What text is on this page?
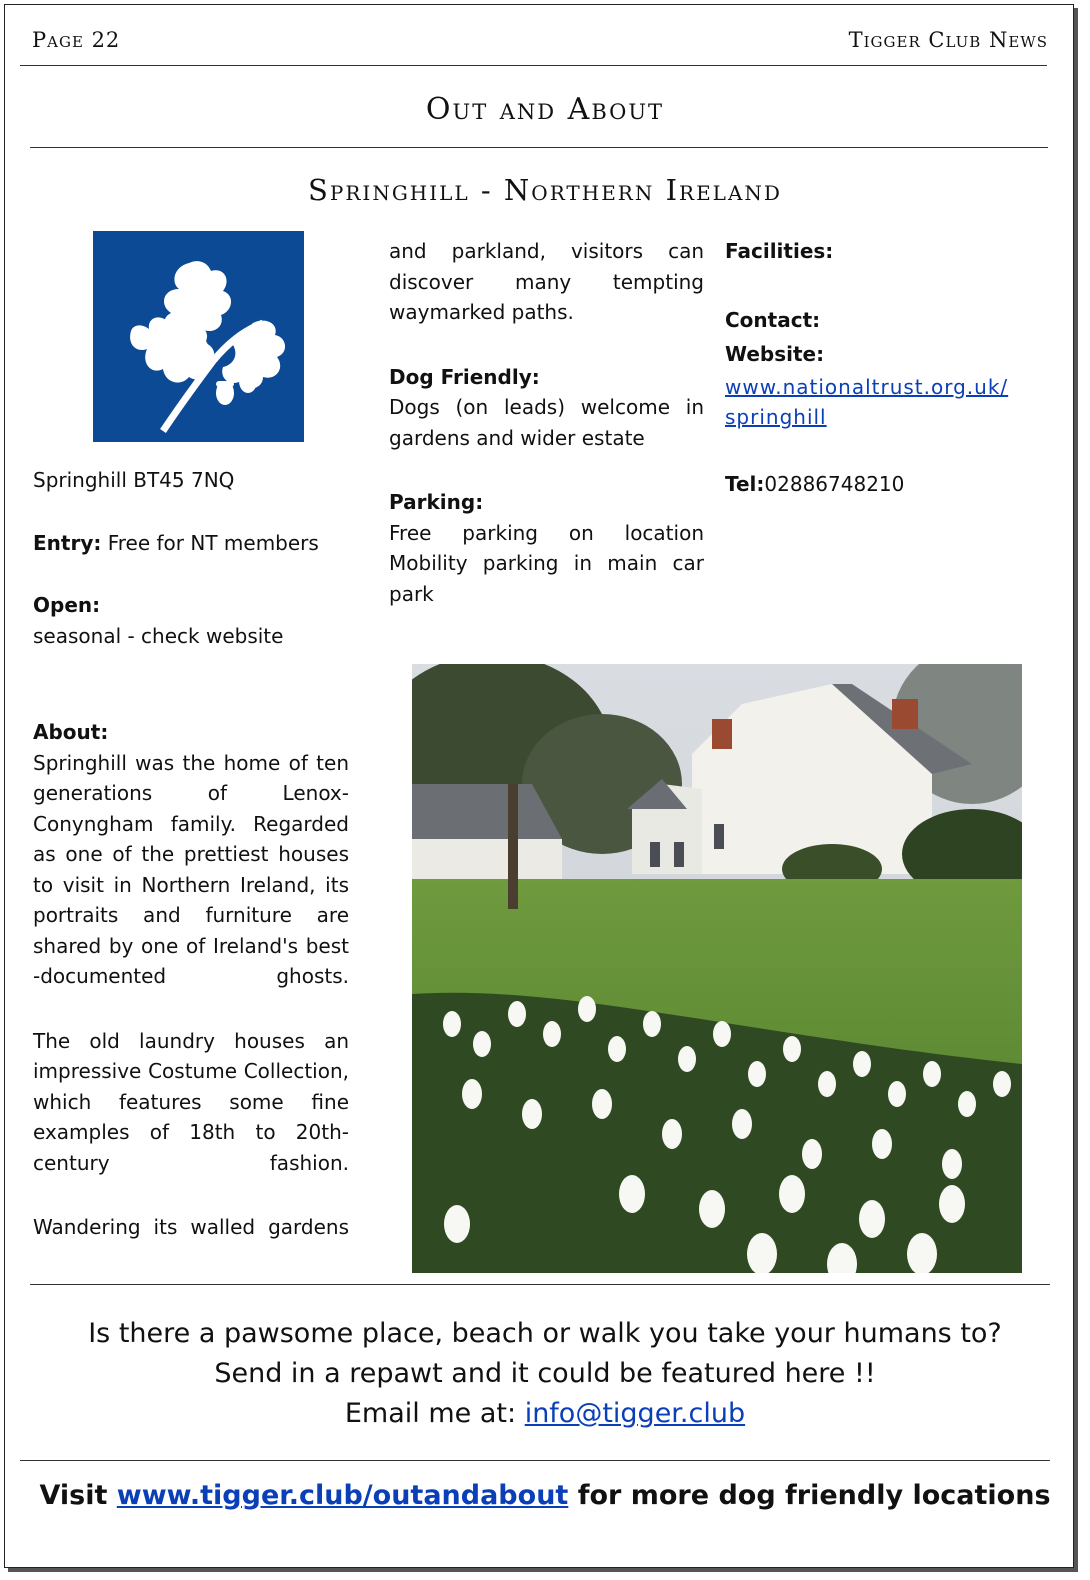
Page 22	Tigger Club News
Out and About
Springhill - Northern Ireland

Springhill BT45 7NQ

Entry: Free for NT members

Open:

seasonal - check website

About:

Springhill was the home of ten generations of Lenox-Conyngham family. Regarded as one of the prettiest houses to visit in Northern Ireland, its portraits and furniture are shared by one of Ireland's best -documented ghosts.

The old laundry houses an impressive Costume Collection, which features some fine examples of 18th to 20th-century fashion.

Wandering its walled gardens

and parkland, visitors can discover many tempting waymarked paths.

Dog Friendly:

Dogs (on leads) welcome in gardens and wider estate

Parking:

Free parking on location

Mobility parking in main car park

Facilities:

Contact:

Website:

www.nationaltrust.org.uk/
springhill

Tel:02886748210

Is there a pawsome place, beach or walk you take your humans to?

Send in a repawt and it could be featured here !!

Email me at: info@tigger.club

Visit www.tigger.club/outandabout for more dog friendly locations
